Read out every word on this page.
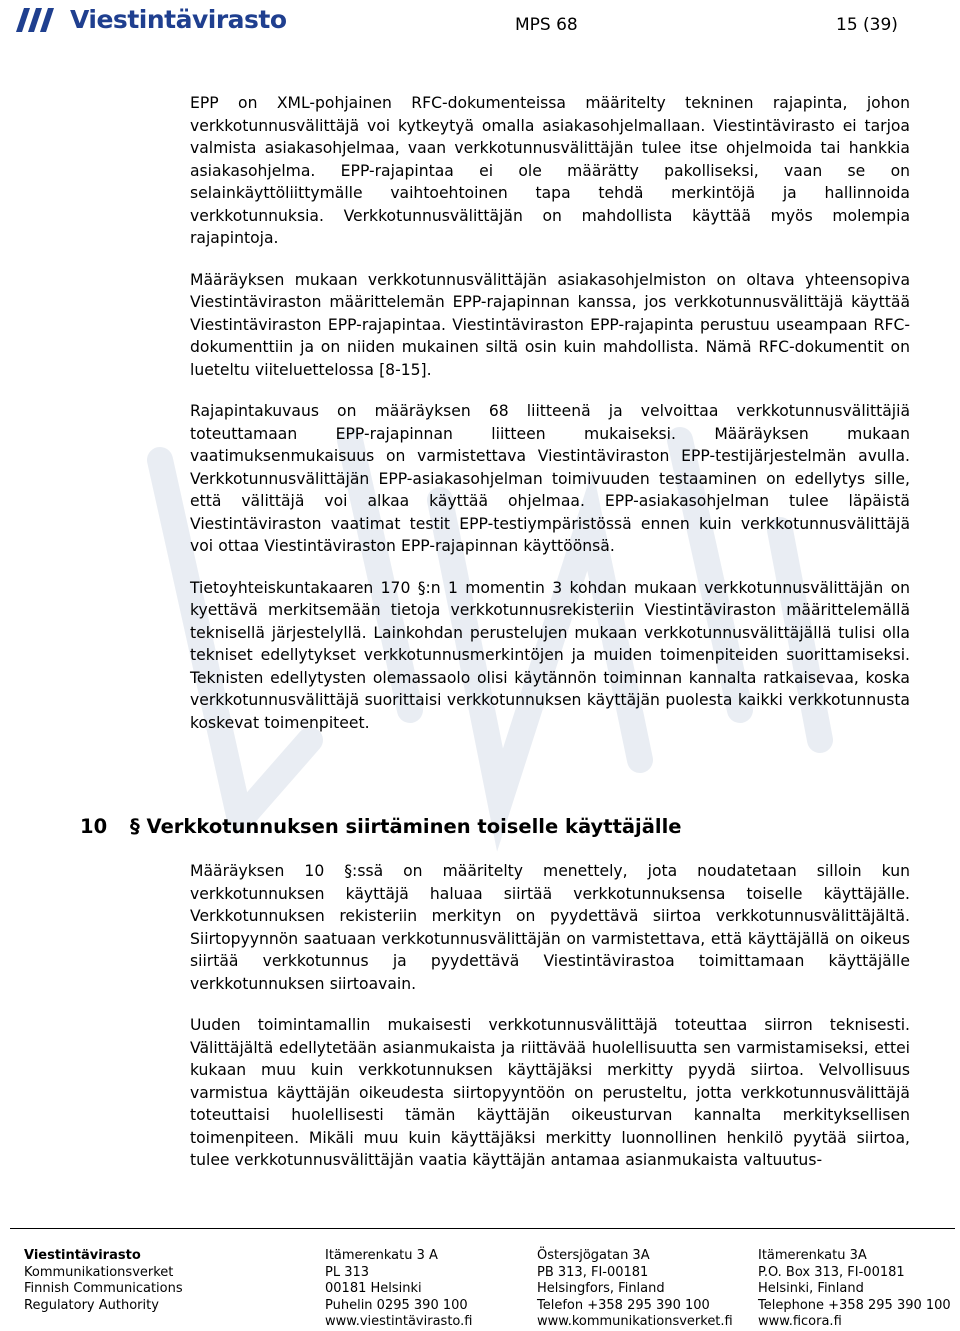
Viestintävirasto	MPS 68	15 (39)

EPP on XML-pohjainen RFC-dokumenteissa määritelty tekninen rajapinta, johon verkkotunnusvälittäjä voi kytkeytyä omalla asiakasohjelmallaan. Viestintävirasto ei tarjoa valmista asiakasohjelmaa, vaan verkkotunnusvälittäjän tulee itse ohjelmoida tai hankkia asiakasohjelma. EPP-rajapintaa ei ole määrätty pakolliseksi, vaan se on selainkäyttöliittymälle vaihtoehtoinen tapa tehdä merkintöjä ja hallinnoida verkkotunnuksia. Verkkotunnusvälittäjän on mahdollista käyttää myös molempia rajapintoja.

Määräyksen mukaan verkkotunnusvälittäjän asiakasohjelmiston on oltava yhteensopiva Viestintäviraston määrittelemän EPP-rajapinnan kanssa, jos verkkotunnusvälittäjä käyttää Viestintäviraston EPP-rajapintaa. Viestintäviraston EPP-rajapinta perustuu useampaan RFC-dokumenttiin ja on niiden mukainen siltä osin kuin mahdollista. Nämä RFC-dokumentit on lueteltu viiteluettelossa [8-15].

Rajapintakuvaus on määräyksen 68 liitteenä ja velvoittaa verkkotunnusvälittäjiä toteuttamaan EPP-rajapinnan liitteen mukaiseksi. Määräyksen mukaan vaatimuksenmukaisuus on varmistettava Viestintäviraston EPP-testijärjestelmän avulla. Verkkotunnusvälittäjän EPP-asiakasohjelman toimivuuden testaaminen on edellytys sille, että välittäjä voi alkaa käyttää ohjelmaa. EPP-asiakasohjelman tulee läpäistä Viestintäviraston vaatimat testit EPP-testiympäristössä ennen kuin verkkotunnusvälittäjä voi ottaa Viestintäviraston EPP-rajapinnan käyttöönsä.

Tietoyhteiskuntakaaren 170 §:n 1 momentin 3 kohdan mukaan verkkotunnusvälittäjän on kyettävä merkitsemään tietoja verkkotunnusrekisteriin Viestintäviraston määrittelemällä teknisellä järjestelyllä. Lainkohdan perustelujen mukaan verkkotunnusvälittäjällä tulisi olla tekniset edellytykset verkkotunnusmerkintöjen ja muiden toimenpiteiden suorittamiseksi. Teknisten edellytysten olemassaolo olisi käytännön toiminnan kannalta ratkaisevaa, koska verkkotunnusvälittäjä suorittaisi verkkotunnuksen käyttäjän puolesta kaikki verkkotunnusta koskevat toimenpiteet.

10 § Verkkotunnuksen siirtäminen toiselle käyttäjälle

Määräyksen 10 §:ssä on määritelty menettely, jota noudatetaan silloin kun verkkotunnuksen käyttäjä haluaa siirtää verkkotunnuksensa toiselle käyttäjälle. Verkkotunnuksen rekisteriin merkityn on pyydettävä siirtoa verkkotunnusvälittäjältä. Siirtopyynnön saatuaan verkkotunnusvälittäjän on varmistettava, että käyttäjällä on oikeus siirtää verkkotunnus ja pyydettävä Viestintävirastoa toimittamaan käyttäjälle verkkotunnuksen siirtoavain.

Uuden toimintamallin mukaisesti verkkotunnusvälittäjä toteuttaa siirron teknisesti. Välittäjältä edellytetään asianmukaista ja riittävää huolellisuutta sen varmistamiseksi, ettei kukaan muu kuin verkkotunnuksen käyttäjäksi merkitty pyydä siirtoa. Velvollisuus varmistua käyttäjän oikeudesta siirtopyyntöön on perusteltu, jotta verkkotunnusvälittäjä toteuttaisi huolellisesti tämän käyttäjän oikeusturvan kannalta merkityksellisen toimenpiteen. Mikäli muu kuin käyttäjäksi merkitty luonnollinen henkilö pyytää siirtoa, tulee verkkotunnusvälittäjän vaatia käyttäjän antamaa asianmukaista valtuutus-

Viestintävirasto
Kommunikationsverket
Finnish Communications
Regulatory Authority
Itämerenkatu 3 A
PL 313
00181 Helsinki
Puhelin 0295 390 100
www.viestintävirasto.fi
Östersjögatan 3A
PB 313, FI-00181
Helsingfors, Finland
Telefon +358 295 390 100
www.kommunikationsverket.fi
Itämerenkatu 3A
P.O. Box 313, FI-00181
Helsinki, Finland
Telephone +358 295 390 100
www.ficora.fi
